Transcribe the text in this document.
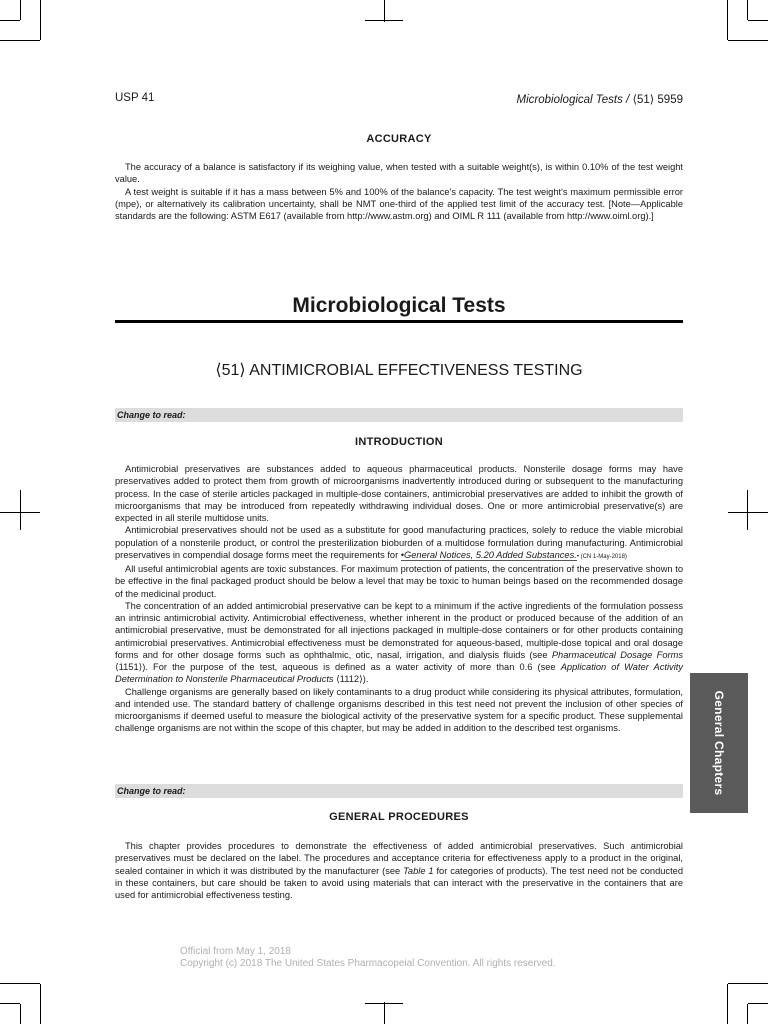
USP 41	Microbiological Tests / ⟨51⟩ 5959
ACCURACY

The accuracy of a balance is satisfactory if its weighing value, when tested with a suitable weight(s), is within 0.10% of the test weight value.

A test weight is suitable if it has a mass between 5% and 100% of the balance's capacity. The test weight's maximum permissible error (mpe), or alternatively its calibration uncertainty, shall be NMT one-third of the applied test limit of the accuracy test. [Note—Applicable standards are the following: ASTM E617 (available from http://www.astm.org) and OIML R 111 (available from http://www.oiml.org).]

Microbiological Tests
⟨51⟩ ANTIMICROBIAL EFFECTIVENESS TESTING
Change to read:
INTRODUCTION

Antimicrobial preservatives are substances added to aqueous pharmaceutical products. Nonsterile dosage forms may have preservatives added to protect them from growth of microorganisms inadvertently introduced during or subsequent to the manufacturing process. In the case of sterile articles packaged in multiple-dose containers, antimicrobial preservatives are added to inhibit the growth of microorganisms that may be introduced from repeatedly withdrawing individual doses. One or more antimicrobial preservative(s) are expected in all sterile multidose units.

Antimicrobial preservatives should not be used as a substitute for good manufacturing practices, solely to reduce the viable microbial population of a nonsterile product, or control the presterilization bioburden of a multidose formulation during manufacturing. Antimicrobial preservatives in compendial dosage forms meet the requirements for •General Notices, 5.20 Added Substances.• (CN 1-May-2018)

All useful antimicrobial agents are toxic substances. For maximum protection of patients, the concentration of the preservative shown to be effective in the final packaged product should be below a level that may be toxic to human beings based on the recommended dosage of the medicinal product.

The concentration of an added antimicrobial preservative can be kept to a minimum if the active ingredients of the formulation possess an intrinsic antimicrobial activity. Antimicrobial effectiveness, whether inherent in the product or produced because of the addition of an antimicrobial preservative, must be demonstrated for all injections packaged in multiple-dose containers or for other products containing antimicrobial preservatives. Antimicrobial effectiveness must be demonstrated for aqueous-based, multiple-dose topical and oral dosage forms and for other dosage forms such as ophthalmic, otic, nasal, irrigation, and dialysis fluids (see Pharmaceutical Dosage Forms ⟨1151⟩). For the purpose of the test, aqueous is defined as a water activity of more than 0.6 (see Application of Water Activity Determination to Nonsterile Pharmaceutical Products ⟨1112⟩).

Challenge organisms are generally based on likely contaminants to a drug product while considering its physical attributes, formulation, and intended use. The standard battery of challenge organisms described in this test need not prevent the inclusion of other species of microorganisms if deemed useful to measure the biological activity of the preservative system for a specific product. These supplemental challenge organisms are not within the scope of this chapter, but may be added in addition to the described test organisms.

Change to read:
GENERAL PROCEDURES

This chapter provides procedures to demonstrate the effectiveness of added antimicrobial preservatives. Such antimicrobial preservatives must be declared on the label. The procedures and acceptance criteria for effectiveness apply to a product in the original, sealed container in which it was distributed by the manufacturer (see Table 1 for categories of products). The test need not be conducted in these containers, but care should be taken to avoid using materials that can interact with the preservative in the containers that are used for antimicrobial effectiveness testing.

General Chapters
Official from May 1, 2018
Copyright (c) 2018 The United States Pharmacopeial Convention. All rights reserved.
